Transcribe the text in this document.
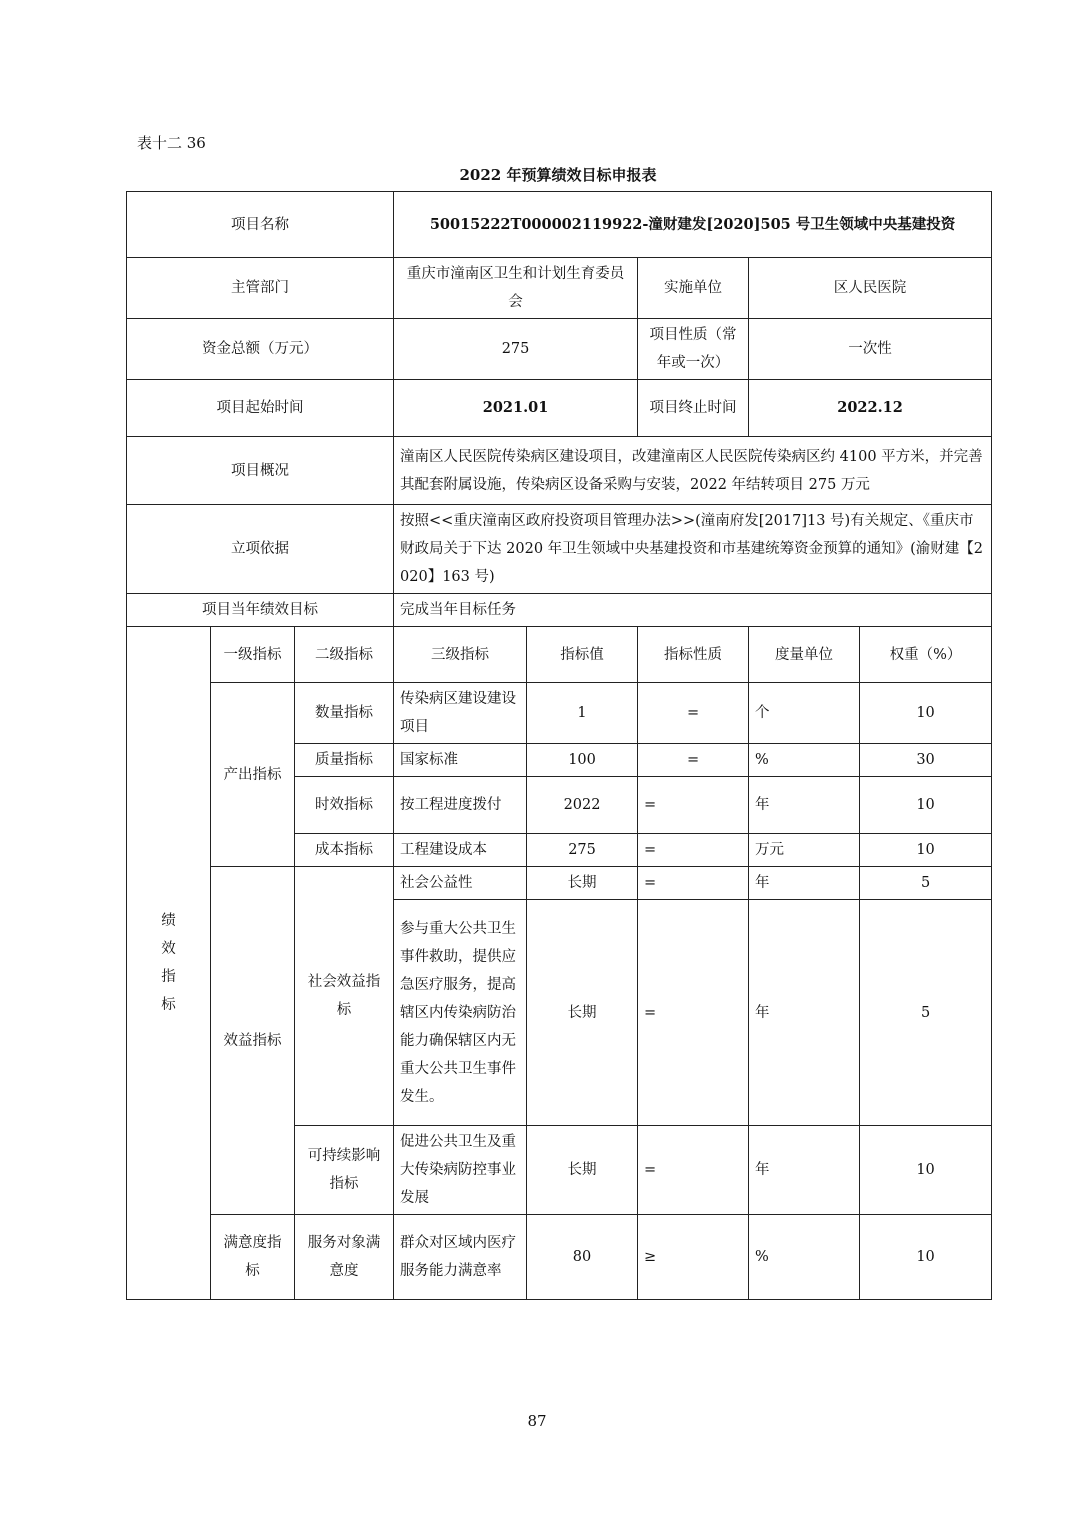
表十二 36
2022 年预算绩效目标申报表
项目名称			50015222T000002119922-潼财建发[2020]505 号卫生领域中央基建投资				
主管部门			重庆市潼南区卫生和计划生育委员会		实施单位	区人民医院	
资金总额（万元）			275		项目性质（常年或一次）	一次性	
项目起始时间			2021.01		项目终止时间	2022.12	
项目概况			潼南区人民医院传染病区建设项目，改建潼南区人民医院传染病区约 4100 平方米，并完善其配套附属设施，传染病区设备采购与安装，2022 年结转项目 275 万元				
立项依据			按照<<重庆潼南区政府投资项目管理办法>>(潼南府发[2017]13 号)有关规定、《重庆市财政局关于下达 2020 年卫生领域中央基建投资和市基建统筹资金预算的通知》(渝财建【2020】163 号)				
项目当年绩效目标			完成当年目标任务				

绩效指标	一级指标	二级指标	三级指标	指标值	指标性质	度量单位	权重（%）
	产出指标	数量指标	传染病区建设建设项目	1	=	个	10
		质量指标	国家标准	100	=	%	30
		时效指标	按工程进度拨付	2022	=	年	10
		成本指标	工程建设成本	275	=	万元	10
	效益指标	社会效益指标	社会公益性	长期	=	年	5
			参与重大公共卫生事件救助，提供应急医疗服务，提高辖区内传染病防治能力确保辖区内无重大公共卫生事件发生。	长期	=	年	5
		可持续影响指标	促进公共卫生及重大传染病防控事业发展	长期	=	年	10
	满意度指标	服务对象满意度	群众对区域内医疗服务能力满意率	80	≥	%	10
87
